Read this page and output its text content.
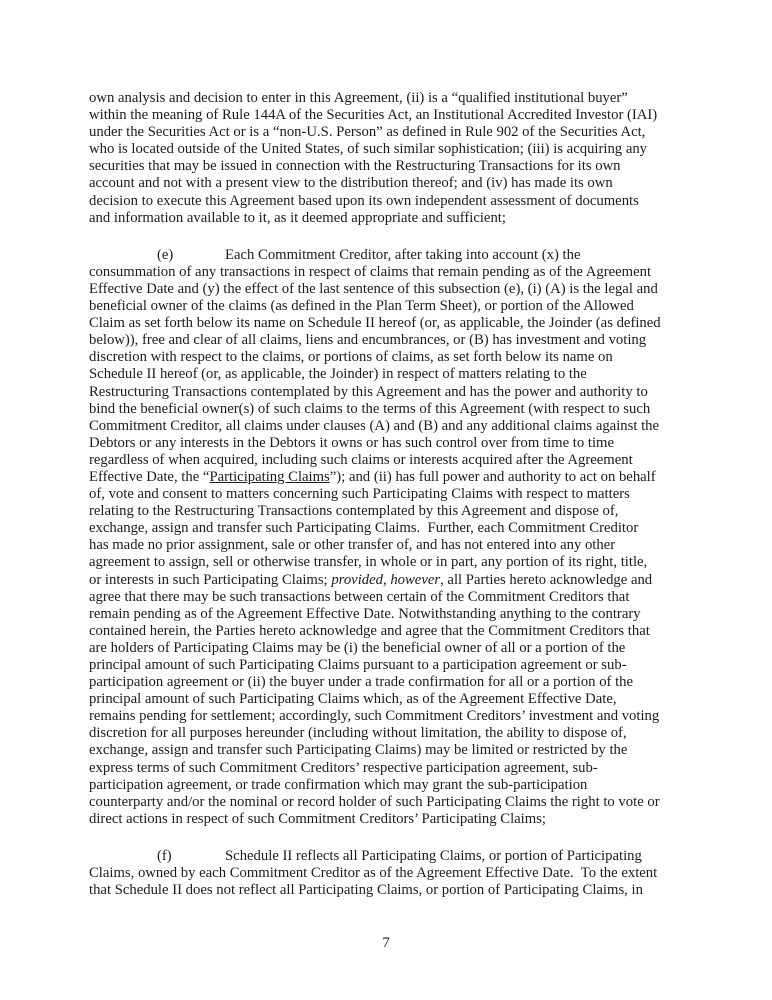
own analysis and decision to enter in this Agreement, (ii) is a “qualified institutional buyer”
within the meaning of Rule 144A of the Securities Act, an Institutional Accredited Investor (IAI)
under the Securities Act or is a “non-U.S. Person” as defined in Rule 902 of the Securities Act,
who is located outside of the United States, of such similar sophistication; (iii) is acquiring any
securities that may be issued in connection with the Restructuring Transactions for its own
account and not with a present view to the distribution thereof; and (iv) has made its own
decision to execute this Agreement based upon its own independent assessment of documents
and information available to it, as it deemed appropriate and sufficient;
(e)	Each Commitment Creditor, after taking into account (x) the
consummation of any transactions in respect of claims that remain pending as of the Agreement
Effective Date and (y) the effect of the last sentence of this subsection (e), (i) (A) is the legal and
beneficial owner of the claims (as defined in the Plan Term Sheet), or portion of the Allowed
Claim as set forth below its name on Schedule II hereof (or, as applicable, the Joinder (as defined
below)), free and clear of all claims, liens and encumbrances, or (B) has investment and voting
discretion with respect to the claims, or portions of claims, as set forth below its name on
Schedule II hereof (or, as applicable, the Joinder) in respect of matters relating to the
Restructuring Transactions contemplated by this Agreement and has the power and authority to
bind the beneficial owner(s) of such claims to the terms of this Agreement (with respect to such
Commitment Creditor, all claims under clauses (A) and (B) and any additional claims against the
Debtors or any interests in the Debtors it owns or has such control over from time to time
regardless of when acquired, including such claims or interests acquired after the Agreement
Effective Date, the “Participating Claims”); and (ii) has full power and authority to act on behalf
of, vote and consent to matters concerning such Participating Claims with respect to matters
relating to the Restructuring Transactions contemplated by this Agreement and dispose of,
exchange, assign and transfer such Participating Claims.  Further, each Commitment Creditor
has made no prior assignment, sale or other transfer of, and has not entered into any other
agreement to assign, sell or otherwise transfer, in whole or in part, any portion of its right, title,
or interests in such Participating Claims; provided, however, all Parties hereto acknowledge and
agree that there may be such transactions between certain of the Commitment Creditors that
remain pending as of the Agreement Effective Date. Notwithstanding anything to the contrary
contained herein, the Parties hereto acknowledge and agree that the Commitment Creditors that
are holders of Participating Claims may be (i) the beneficial owner of all or a portion of the
principal amount of such Participating Claims pursuant to a participation agreement or sub-
participation agreement or (ii) the buyer under a trade confirmation for all or a portion of the
principal amount of such Participating Claims which, as of the Agreement Effective Date,
remains pending for settlement; accordingly, such Commitment Creditors’ investment and voting
discretion for all purposes hereunder (including without limitation, the ability to dispose of,
exchange, assign and transfer such Participating Claims) may be limited or restricted by the
express terms of such Commitment Creditors’ respective participation agreement, sub-
participation agreement, or trade confirmation which may grant the sub-participation
counterparty and/or the nominal or record holder of such Participating Claims the right to vote or
direct actions in respect of such Commitment Creditors’ Participating Claims;
(f)	Schedule II reflects all Participating Claims, or portion of Participating
Claims, owned by each Commitment Creditor as of the Agreement Effective Date.  To the extent
that Schedule II does not reflect all Participating Claims, or portion of Participating Claims, in
7
